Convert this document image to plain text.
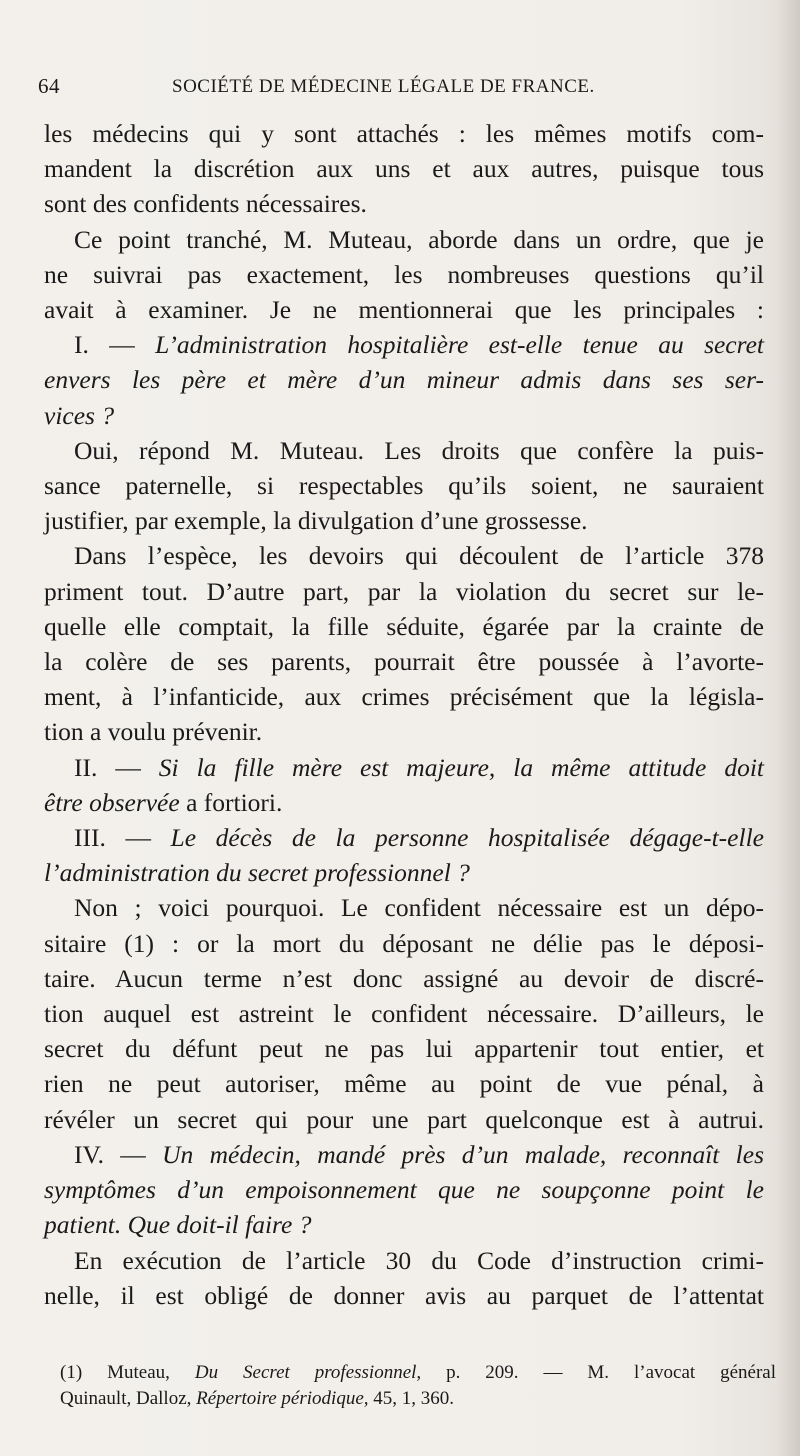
64	SOCIÉTÉ DE MÉDECINE LÉGALE DE FRANCE.
les médecins qui y sont attachés : les mêmes motifs com-
mandent la discrétion aux uns et aux autres, puisque tous
sont des confidents nécessaires.
Ce point tranché, M. Muteau, aborde dans un ordre, que je
ne suivrai pas exactement, les nombreuses questions qu’il
avait à examiner. Je ne mentionnerai que les principales :
I. — L’administration hospitalière est-elle tenue au secret
envers les père et mère d’un mineur admis dans ses ser-
vices ?
Oui, répond M. Muteau. Les droits que confère la puis-
sance paternelle, si respectables qu’ils soient, ne sauraient
justifier, par exemple, la divulgation d’une grossesse.
Dans l’espèce, les devoirs qui découlent de l’article 378
priment tout. D’autre part, par la violation du secret sur le-
quelle elle comptait, la fille séduite, égarée par la crainte de
la colère de ses parents, pourrait être poussée à l’avorte-
ment, à l’infanticide, aux crimes précisément que la législa-
tion a voulu prévenir.
II. — Si la fille mère est majeure, la même attitude doit
être observée a fortiori.
III. — Le décès de la personne hospitalisée dégage-t-elle
l’administration du secret professionnel ?
Non ; voici pourquoi. Le confident nécessaire est un dépo-
sitaire (1) : or la mort du déposant ne délie pas le déposi-
taire. Aucun terme n’est donc assigné au devoir de discré-
tion auquel est astreint le confident nécessaire. D’ailleurs, le
secret du défunt peut ne pas lui appartenir tout entier, et
rien ne peut autoriser, même au point de vue pénal, à
révéler un secret qui pour une part quelconque est à autrui.
IV. — Un médecin, mandé près d’un malade, reconnaît les
symptômes d’un empoisonnement que ne soupçonne point le
patient. Que doit-il faire ?
En exécution de l’article 30 du Code d’instruction crimi-
nelle, il est obligé de donner avis au parquet de l’attentat
(1) Muteau, Du Secret professionnel, p. 209. — M. l’avocat général
Quinault, Dalloz, Répertoire périodique, 45, 1, 360.
